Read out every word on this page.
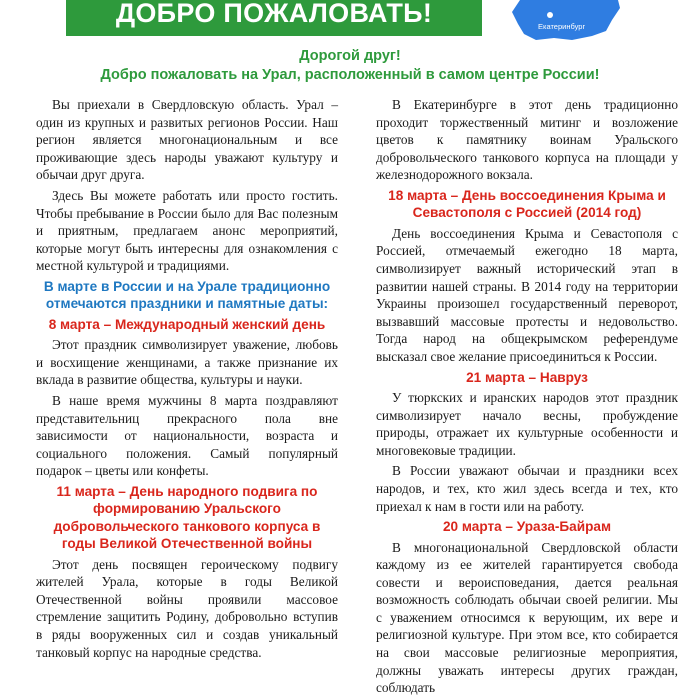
ДОБРО ПОЖАЛОВАТЬ!	Екатеринбург
Дорогой друг!
Добро пожаловать на Урал, расположенный в самом центре России!

Вы приехали в Свердловскую область. Урал – один из крупных и развитых регионов России. Наш регион является многонациональным и все проживающие здесь народы уважают культуру и обычаи друг друга.

Здесь Вы можете работать или просто гостить. Чтобы пребывание в России было для Вас полезным и приятным, предлагаем анонс мероприятий, которые могут быть интересны для ознакомления с местной культурой и традициями.

В марте в России и на Урале традиционно отмечаются праздники и памятные даты:
8 марта – Международный женский день

Этот праздник символизирует уважение, любовь и восхищение женщинами, а также признание их вклада в развитие общества, культуры и науки.

В наше время мужчины 8 марта поздравляют представительниц прекрасного пола вне зависимости от национальности, возраста и социального положения. Самый популярный подарок – цветы или конфеты.

11 марта – День народного подвига по формированию Уральского добровольческого танкового корпуса в годы Великой Отечественной войны

Этот день посвящен героическому подвигу жителей Урала, которые в годы Великой Отечественной войны проявили массовое стремление защитить Родину, добровольно вступив в ряды вооруженных сил и создав уникальный танковый корпус на народные средства.

В Екатеринбурге в этот день традиционно проходит торжественный митинг и возложение цветов к памятнику воинам Уральского добровольческого танкового корпуса на площади у железнодорожного вокзала.

18 марта – День воссоединения Крыма и Севастополя с Россией (2014 год)

День воссоединения Крыма и Севастополя с Россией, отмечаемый ежегодно 18 марта, символизирует важный исторический этап в развитии нашей страны. В 2014 году на территории Украины произошел государственный переворот, вызвавший массовые протесты и недовольство. Тогда народ на общекрымском референдуме высказал свое желание присоединиться к России.

21 марта – Навруз

У тюркских и иранских народов этот праздник символизирует начало весны, пробуждение природы, отражает их культурные особенности и многовековые традиции.

В России уважают обычаи и праздники всех народов, и тех, кто жил здесь всегда и тех, кто приехал к нам в гости или на работу.

20 марта – Ураза-Байрам

В многонациональной Свердловской области каждому из ее жителей гарантируется свобода совести и вероисповедания, дается реальная возможность соблюдать обычаи своей религии. Мы с уважением относимся к верующим, их вере и религиозной культуре. При этом все, кто собирается на свои массовые религиозные мероприятия, должны уважать интересы других граждан, соблюдать
